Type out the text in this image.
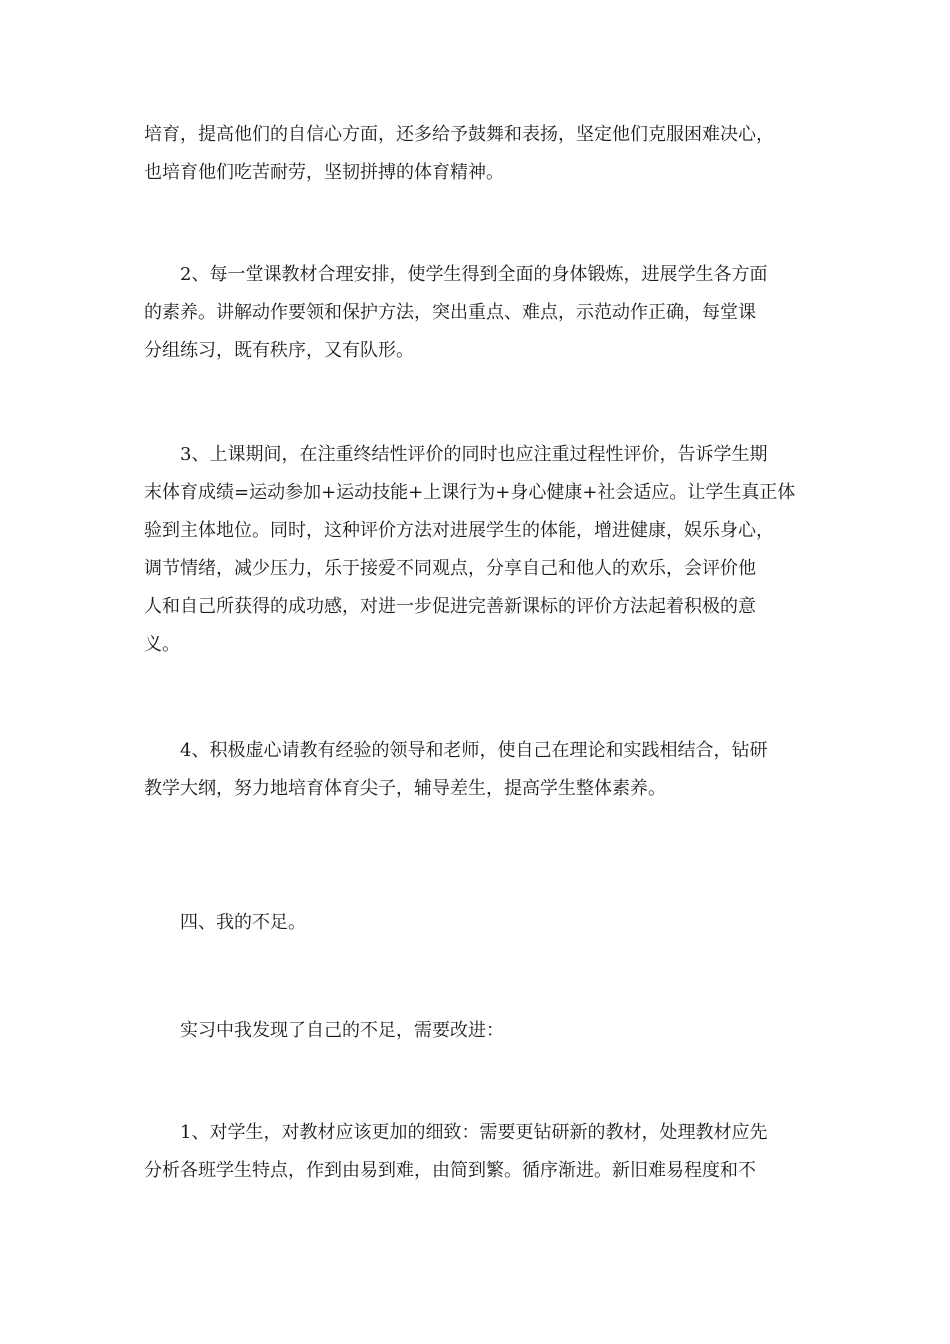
培育，提高他们的自信心方面，还多给予鼓舞和表扬，坚定他们克服困难决心，
也培育他们吃苦耐劳，坚韧拼搏的体育精神。
2、每一堂课教材合理安排，使学生得到全面的身体锻炼，进展学生各方面
的素养。讲解动作要领和保护方法，突出重点、难点，示范动作正确，每堂课
分组练习，既有秩序，又有队形。
3、上课期间，在注重终结性评价的同时也应注重过程性评价，告诉学生期
末体育成绩=运动参加+运动技能+上课行为+身心健康+社会适应。让学生真正体
验到主体地位。同时，这种评价方法对进展学生的体能，增进健康，娱乐身心，
调节情绪，减少压力，乐于接爱不同观点，分享自己和他人的欢乐，会评价他
人和自己所获得的成功感，对进一步促进完善新课标的评价方法起着积极的意
义。
4、积极虚心请教有经验的领导和老师，使自己在理论和实践相结合，钻研
教学大纲，努力地培育体育尖子，辅导差生，提高学生整体素养。
四、我的不足。
实习中我发现了自己的不足，需要改进：
1、对学生，对教材应该更加的细致：需要更钻研新的教材，处理教材应先
分析各班学生特点，作到由易到难，由简到繁。循序渐进。新旧难易程度和不
